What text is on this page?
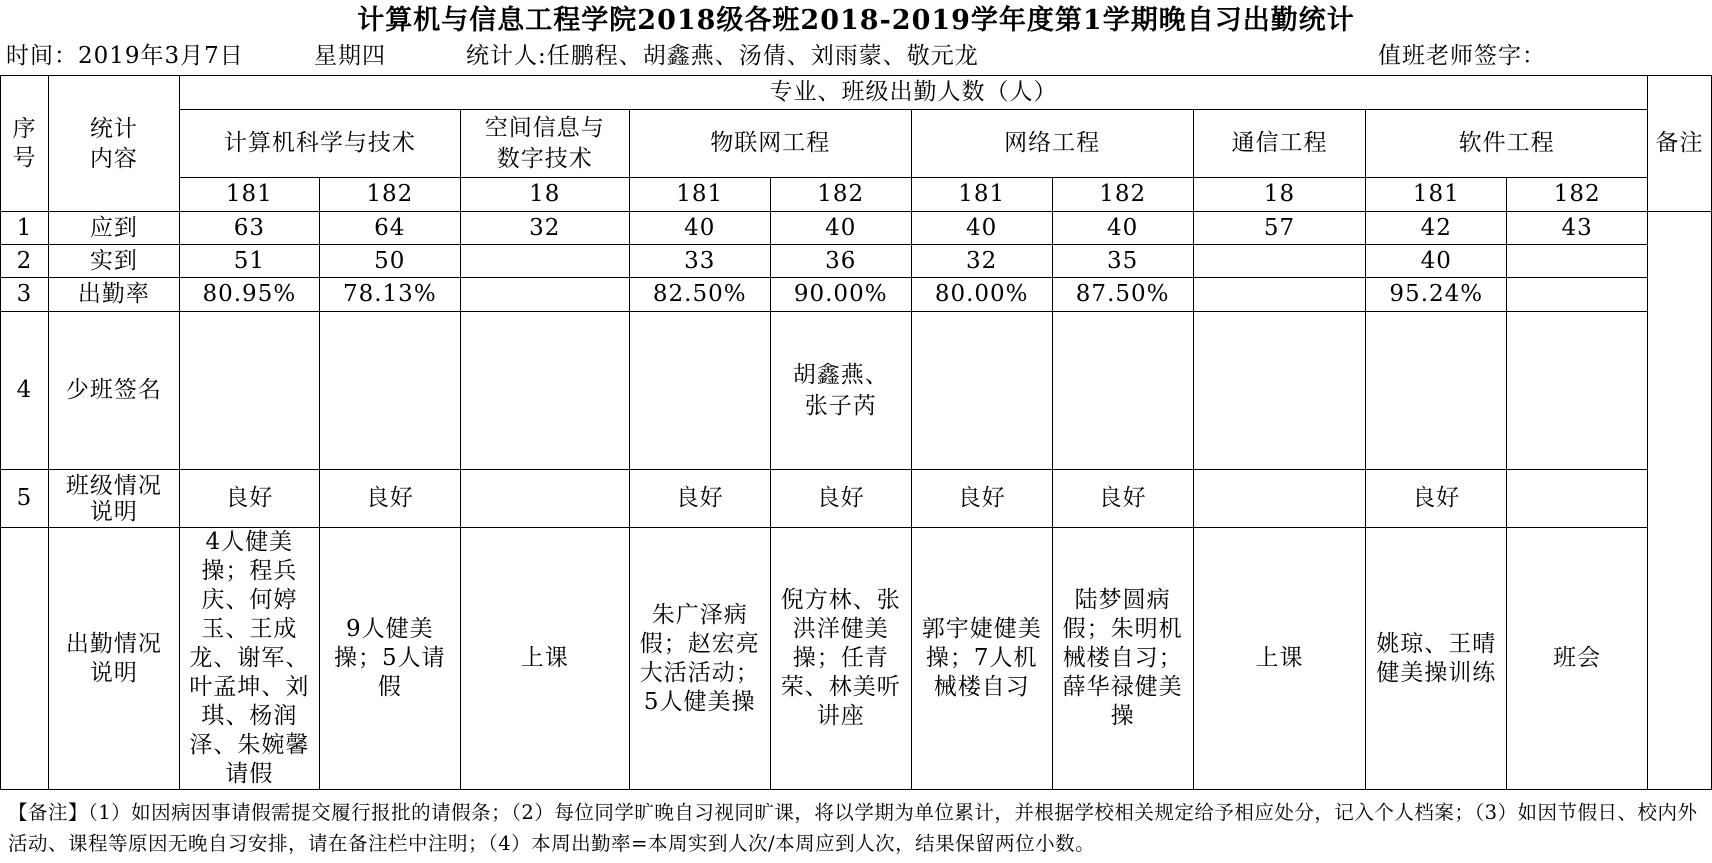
计算机与信息工程学院2018级各班2018-2019学年度第1学期晚自习出勤统计
时间：2019年3月7日	星期四	统计人:任鹏程、胡鑫燕、汤倩、刘雨蒙、敬元龙	值班老师签字：
序号	统计内容	专业、班级出勤人数（人）										备注
		计算机科学与技术		空间信息与数字技术	物联网工程		网络工程		通信工程	软件工程		
		181	182	18	181	182	181	182	18	181	182	
1	应到	63	64	32	40	40	40	40	57	42	43	
2	实到	51	50		33	36	32	35		40		
3	出勤率	80.95%	78.13%		82.50%	90.00%	80.00%	87.50%		95.24%		
4	少班签名					胡鑫燕、张子芮						

5	班级情况说明	良好	良好		良好	良好	良好	良好		良好		

	出勤情况说明	4人健美操；程兵庆、何婷玉、王成龙、谢军、叶孟坤、刘琪、杨润泽、朱婉馨请假	9人健美操；5人请假	上课	朱广泽病假；赵宏亮大活活动；5人健美操	倪方林、张洪洋健美操；任青荣、林美听讲座	郭宇婕健美操；7人机械楼自习	陆梦圆病假；朱明机械楼自习；薛华禄健美操	上课	姚琼、王晴健美操训练	班会	
【备注】（1）如因病因事请假需提交履行报批的请假条；（2）每位同学旷晚自习视同旷课，将以学期为单位累计，并根据学校相关规定给予相应处分，记入个人档案；（3）如因节假日、校内外活动、课程等原因无晚自习安排，请在备注栏中注明；（4）本周出勤率=本周实到人次/本周应到人次，结果保留两位小数。
